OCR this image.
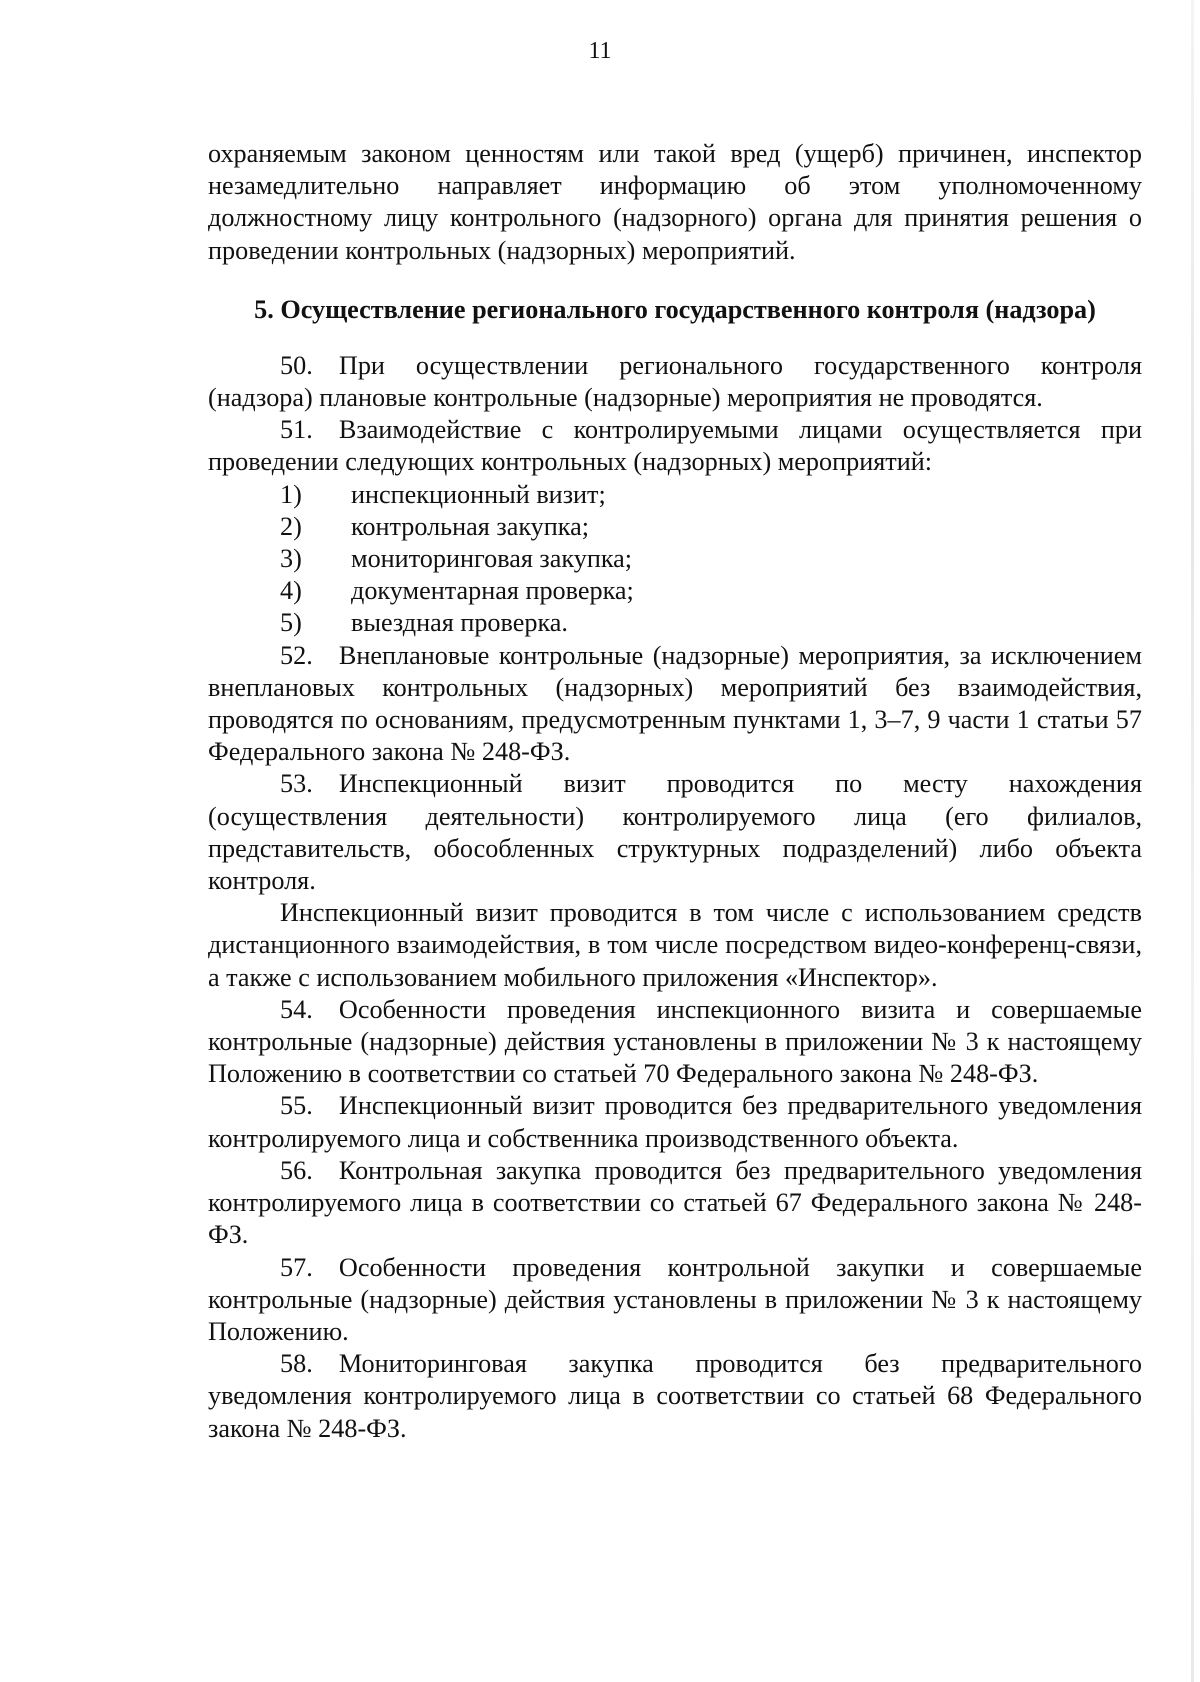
11

охраняемым законом ценностям или такой вред (ущерб) причинен, инспектор незамедлительно направляет информацию об этом уполномоченному должностному лицу контрольного (надзорного) органа для принятия решения о проведении контрольных (надзорных) мероприятий.

5. Осуществление регионального государственного контроля (надзора)

50. При осуществлении регионального государственного контроля (надзора) плановые контрольные (надзорные) мероприятия не проводятся.

51. Взаимодействие с контролируемыми лицами осуществляется при проведении следующих контрольных (надзорных) мероприятий:

1)	инспекционный визит;
2)	контрольная закупка;
3)	мониторинговая закупка;
4)	документарная проверка;
5)	выездная проверка.

52. Внеплановые контрольные (надзорные) мероприятия, за исключением внеплановых контрольных (надзорных) мероприятий без взаимодействия, проводятся по основаниям, предусмотренным пунктами 1, 3–7, 9 части 1 статьи 57 Федерального закона № 248-ФЗ.

53. Инспекционный визит проводится по месту нахождения (осуществления деятельности) контролируемого лица (его филиалов, представительств, обособленных структурных подразделений) либо объекта контроля.

Инспекционный визит проводится в том числе с использованием средств дистанционного взаимодействия, в том числе посредством видео-конференц-связи, а также с использованием мобильного приложения «Инспектор».

54. Особенности проведения инспекционного визита и совершаемые контрольные (надзорные) действия установлены в приложении № 3 к настоящему Положению в соответствии со статьей 70 Федерального закона № 248-ФЗ.

55. Инспекционный визит проводится без предварительного уведомления контролируемого лица и собственника производственного объекта.

56. Контрольная закупка проводится без предварительного уведомления контролируемого лица в соответствии со статьей 67 Федерального закона № 248-ФЗ.

57. Особенности проведения контрольной закупки и совершаемые контрольные (надзорные) действия установлены в приложении № 3 к настоящему Положению.

58. Мониторинговая закупка проводится без предварительного уведомления контролируемого лица в соответствии со статьей 68 Федерального закона № 248-ФЗ.
